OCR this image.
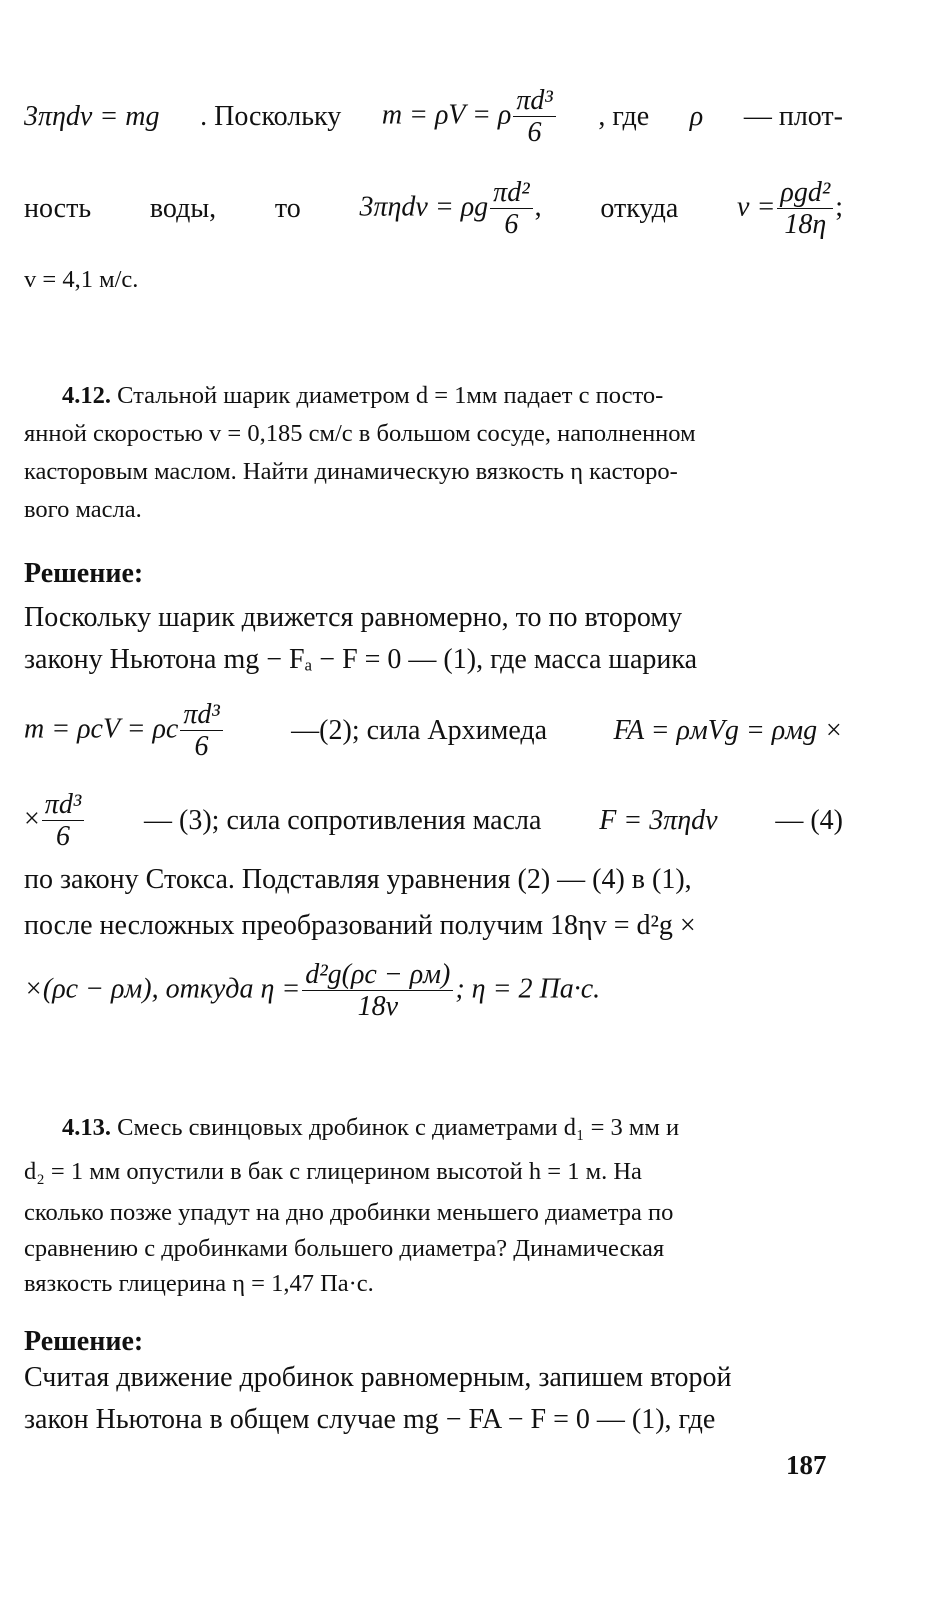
3πηdv = mg . Поскольку m = ρV = ρ $\frac{\text{πd³}}{6}$ , где ρ — плот-
ность воды, то 3πηdv = ρg $\frac{\text{πd²}}{6}$ , откуда $v = \frac{\text{ρgd²}}{18\eta}$ ;
v = 4,1 м/с.
4.12. Стальной шарик диаметром d = 1мм падает с посто-
янной скоростью v = 0,185 см/с в большом сосуде, наполненном
касторовым маслом. Найти динамическую вязкость η касторо-
вого масла.
Решение:
Поскольку шарик движется равномерно, то по второму
закону Ньютона mg − Fₐ − F = 0 — (1), где масса шарика
m = ρcV = ρc $\frac{\text{πd³}}{6}$ —(2); сила Архимеда FA = ρмVg = ρмg ×
× $\frac{\text{πd³}}{6}$ — (3); сила сопротивления масла F = 3πηdv — (4)
по закону Стокса. Подставляя уравнения (2) — (4) в (1),
после несложных преобразований получим 18ηv = d²g ×
×(ρc − ρм), откуда $\eta = \frac{\text{d²g(ρc − ρм)}}{18v}$ ; η = 2 Па·с.
4.13. Смесь свинцовых дробинок с диаметрами d₁ = 3 мм и
d₂ = 1 мм опустили в бак с глицерином высотой h = 1 м. На
сколько позже упадут на дно дробинки меньшего диаметра по
сравнению с дробинками большего диаметра? Динамическая
вязкость глицерина η = 1,47 Па·с.
Решение:
Считая движение дробинок равномерным, запишем второй
закон Ньютона в общем случае mg − FA − F = 0 — (1), где
187
